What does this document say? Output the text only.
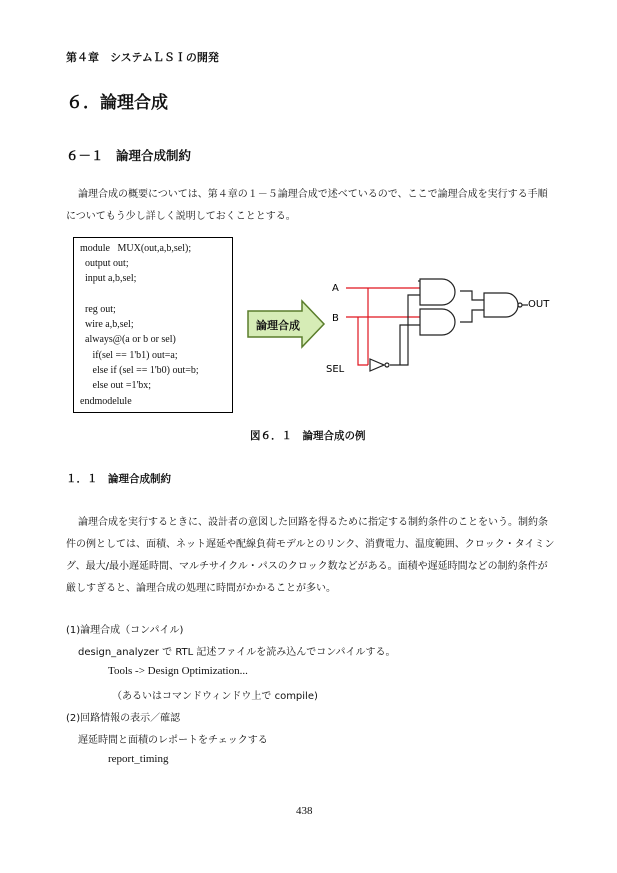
第４章　システムＬＳＩの開発
６．論理合成
６－１　論理合成制約
論理合成の概要については、第４章の１－５論理合成で述べているので、ここで論理合成を実行する手順についてもう少し詳しく説明しておくこととする。
module   MUX(out,a,b,sel);
output out;
input a,b,sel;
reg out;
wire a,b,sel;
always@(a or b or sel)
if(sel == 1'b1) out=a;
else if (sel == 1'b0) out=b;
else out =1'bx;
endmodelule
論理合成
A
B
SEL
OUT
図６．１　論理合成の例
１．１　論理合成制約
論理合成を実行するときに、設計者の意図した回路を得るために指定する制約条件のことをいう。制約条件の例としては、面積、ネット遅延や配線負荷モデルとのリンク、消費電力、温度範囲、クロック・タイミング、最大/最小遅延時間、マルチサイクル・パスのクロック数などがある。面積や遅延時間などの制約条件が厳しすぎると、論理合成の処理に時間がかかることが多い。
(1)論理合成（コンパイル)
design_analyzer で RTL 記述ファイルを読み込んでコンパイルする。
Tools -> Design Optimization...
（あるいはコマンドウィンドウ上で compile)
(2)回路情報の表示／確認
遅延時間と面積のレポートをチェックする
report_timing
438
